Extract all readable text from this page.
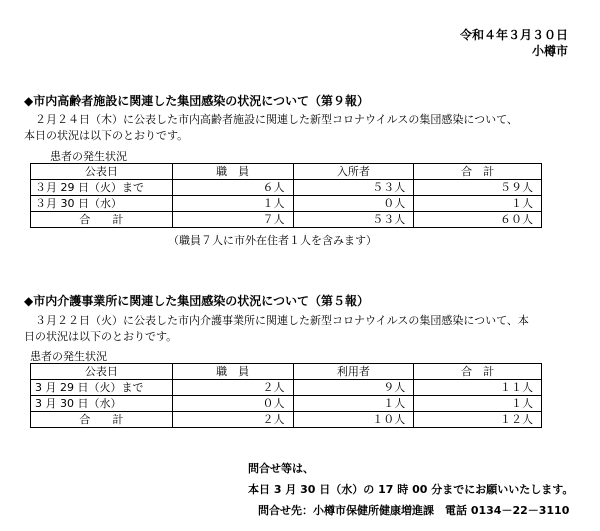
令和４年３月３０日
小樽市
◆市内高齢者施設に関連した集団感染の状況について（第９報）
２月２４日（木）に公表した市内高齢者施設に関連した新型コロナウイルスの集団感染について、
本日の状況は以下のとおりです。
患者の発生状況
公表日	職　員	入所者	合　計
３月 29 日（火）まで	６人	５３人	５９人
３月 30 日（水）	１人	０人	１人
合　　計	７人	５３人	６０人
（職員７人に市外在住者１人を含みます）
◆市内介護事業所に関連した集団感染の状況について（第５報）
３月２２日（火）に公表した市内介護事業所に関連した新型コロナウイルスの集団感染について、本
日の状況は以下のとおりです。
患者の発生状況
公表日	職　員	利用者	合　計
3 月 29 日（火）まで	２人	９人	１１人
3 月 30 日（水）	０人	１人	１人
合　　計	２人	１０人	１２人
問合せ等は、
本日 3 月 30 日（水）の 17 時 00 分までにお願いいたします。
問合せ先：小樽市保健所健康増進課　電話 0134－22－3110
